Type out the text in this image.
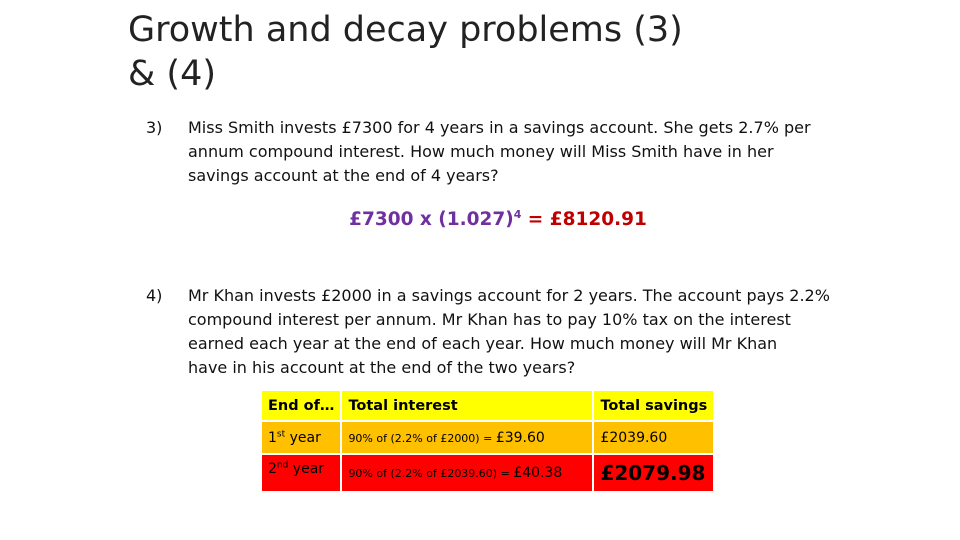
Growth and decay problems (3)
& (4)
3) Miss Smith invests £7300 for 4 years in a savings account. She gets 2.7% per
annum compound interest. How much money will Miss Smith have in her
savings account at the end of 4 years?
£7300 x $(1.027)^4$ = £8120.91
4) Mr Khan invests £2000 in a savings account for 2 years. The account pays 2.2%
compound interest per annum. Mr Khan has to pay 10% tax on the interest
earned each year at the end of each year. How much money will Mr Khan
have in his account at the end of the two years?
End of…	Total interest	Total savings
1st year	90% of (2.2% of £2000) = £39.60	£2039.60
2nd year	90% of (2.2% of £2039.60) = £40.38	£2079.98
